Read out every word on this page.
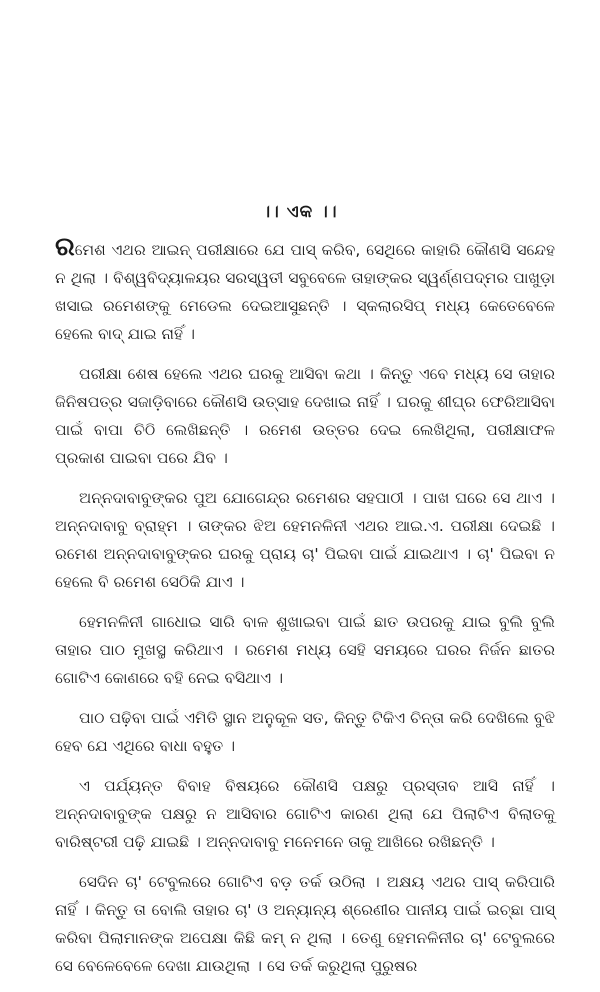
।। ଏକ ।।

ରମେଶ ଏଥର ଆଇନ୍ ପରୀକ୍ଷାରେ ଯେ ପାସ୍ କରିବ, ସେଥିରେ କାହାରି କୌଣସି ସନ୍ଦେହ ନ ଥିଲା । ବିଶ୍ୱବିଦ୍ୟାଳୟର ସରସ୍ୱତୀ ସବୁବେଳେ ତାହାଙ୍କର ସ୍ୱର୍ଣ୍ଣପଦ୍ମର ପାଖୁଡ଼ା ଖସାଇ ରମେଶଙ୍କୁ ମେଡେଲ ଦେଇଆସୁଛନ୍ତି । ସ୍କଲାରସିପ୍ ମଧ୍ୟ କେତେବେଳେ ହେଲେ ବାଦ୍ ଯାଇ ନାହିଁ ।

ପରୀକ୍ଷା ଶେଷ ହେଲେ ଏଥର ଘରକୁ ଆସିବା କଥା । କିନ୍ତୁ ଏବେ ମଧ୍ୟ ସେ ତାହାର ଜିନିଷପତ୍ର ସଜାଡ଼ିବାରେ କୌଣସି ଉତ୍ସାହ ଦେଖାଇ ନାହିଁ । ଘରକୁ ଶୀଘ୍ର ଫେରିଆସିବା ପାଇଁ ବାପା ଚିଠି ଲେଖିଛନ୍ତି । ରମେଶ ଉତ୍ତର ଦେଇ ଲେଖିଥିଲା, ପରୀକ୍ଷାଫଳ ପ୍ରକାଶ ପାଇବା ପରେ ଯିବ ।

ଅନ୍ନଦାବାବୁଙ୍କର ପୁଅ ଯୋଗେନ୍ଦ୍ର ରମେଶର ସହପାଠୀ । ପାଖ ଘରେ ସେ ଥାଏ । ଅନ୍ନଦାବାବୁ ବ୍ରାହ୍ମ । ତାଙ୍କର ଝିଅ ହେମନଳିନୀ ଏଥର ଆଇ.ଏ. ପରୀକ୍ଷା ଦେଇଛି । ରମେଶ ଅନ୍ନଦାବାବୁଙ୍କର ଘରକୁ ପ୍ରାୟ ଚା' ପିଇବା ପାଇଁ ଯାଇଥାଏ । ଚା' ପିଇବା ନ ହେଲେ ବି ରମେଶ ସେଠିକି ଯାଏ ।

ହେମନଳିନୀ ଗାଧୋଇ ସାରି ବାଳ ଶୁଖାଇବା ପାଇଁ ଛାତ ଉପରକୁ ଯାଇ ବୁଲି ବୁଲି ତାହାର ପାଠ ମୁଖସ୍ଥ କରିଥାଏ । ରମେଶ ମଧ୍ୟ ସେହି ସମୟରେ ଘରର ନିର୍ଜନ ଛାତର ଗୋଟିଏ କୋଣରେ ବହି ନେଇ ବସିଥାଏ ।

ପାଠ ପଢ଼ିବା ପାଇଁ ଏମିତି ସ୍ଥାନ ଅନୁକୂଳ ସତ, କିନ୍ତୁ ଟିକିଏ ଚିନ୍ତା କରି ଦେଖିଲେ ବୁଝି ହେବ ଯେ ଏଥିରେ ବାଧା ବହୁତ ।

ଏ ପର୍ଯ୍ୟନ୍ତ ବିବାହ ବିଷୟରେ କୌଣସି ପକ୍ଷରୁ ପ୍ରସ୍ତାବ ଆସି ନାହିଁ । ଅନ୍ନଦାବାବୁଙ୍କ ପକ୍ଷରୁ ନ ଆସିବାର ଗୋଟିଏ କାରଣ ଥିଲା ଯେ ପିଲାଟିଏ ବିଲାତକୁ ବାରିଷ୍ଟରୀ ପଢ଼ି ଯାଇଛି । ଅନ୍ନଦାବାବୁ ମନେମନେ ତାକୁ ଆଖିରେ ରଖିଛନ୍ତି ।

ସେଦିନ ଚା' ଟେବୁଲରେ ଗୋଟିଏ ବଡ଼ ତର୍କ ଉଠିଲା । ଅକ୍ଷୟ ଏଥର ପାସ୍ କରିପାରି ନାହିଁ । କିନ୍ତୁ ତା ବୋଲି ତାହାର ଚା' ଓ ଅନ୍ୟାନ୍ୟ ଶ୍ରେଣୀର ପାନୀୟ ପାଇଁ ଇଚ୍ଛା ପାସ୍ କରିବା ପିଲାମାନଙ୍କ ଅପେକ୍ଷା କିଛି କମ୍ ନ ଥିଲା । ତେଣୁ ହେମନଳିନୀର ଚା' ଟେବୁଲରେ ସେ ବେଳେବେଳେ ଦେଖା ଯାଉଥିଲା । ସେ ତର୍କ କରୁଥିଲା ପୁରୁଷର
